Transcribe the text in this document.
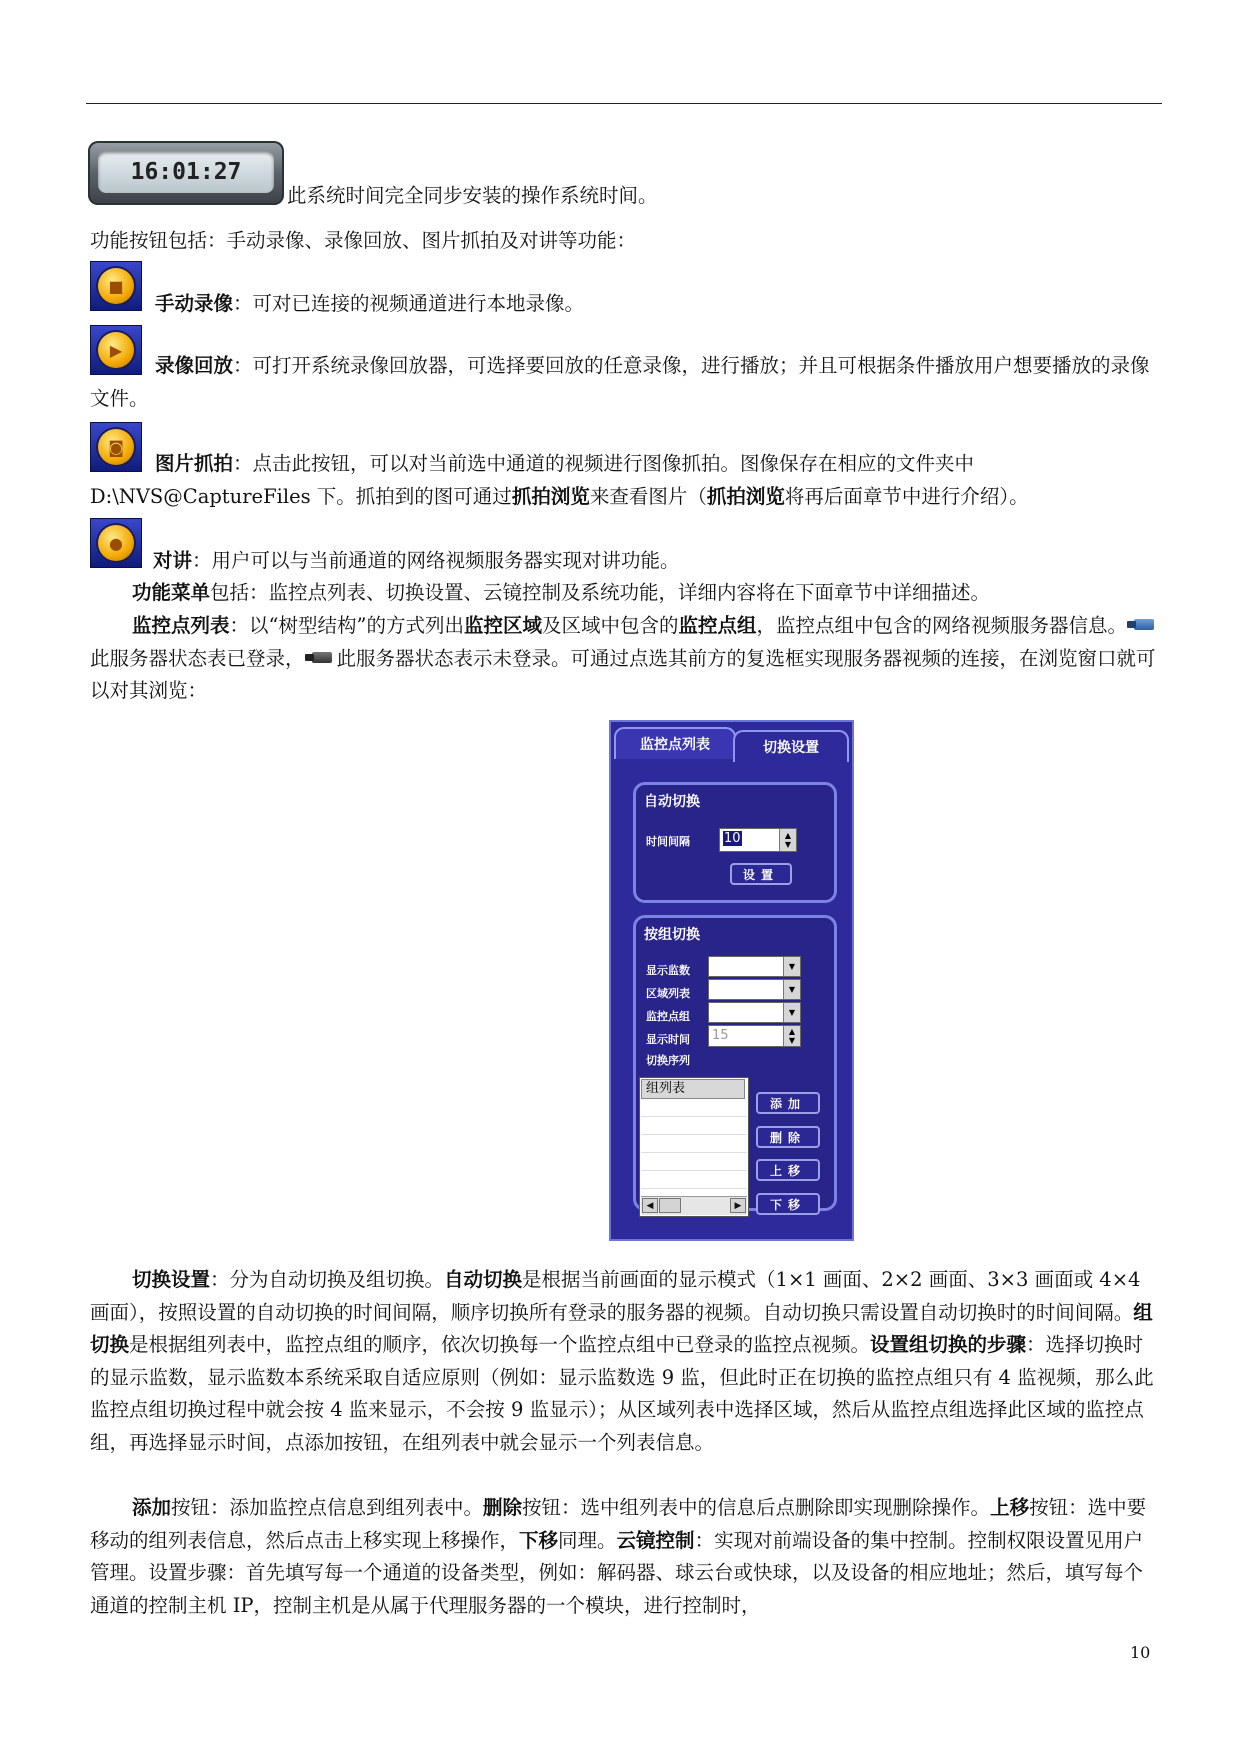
16:01:27

此系统时间完全同步安装的操作系统时间。

功能按钮包括：手动录像、录像回放、图片抓拍及对讲等功能：

■

手动录像：可对已连接的视频通道进行本地录像。

▶

录像回放：可打开系统录像回放器，可选择要回放的任意录像，进行播放；并且可根据条件播放用户想要播放的录像文件。

◙

图片抓拍：点击此按钮，可以对当前选中通道的视频进行图像抓拍。图像保存在相应的文件夹中D:\NVS@CaptureFiles 下。抓拍到的图可通过抓拍浏览来查看图片（抓拍浏览将再后面章节中进行介绍）。

●

对讲：用户可以与当前通道的网络视频服务器实现对讲功能。

功能菜单包括：监控点列表、切换设置、云镜控制及系统功能，详细内容将在下面章节中详细描述。

监控点列表：以“树型结构”的方式列出监控区域及区域中包含的监控点组，监控点组中包含的网络视频服务器信息。
此服务器状态表已登录， 此服务器状态表示未登录。可通过点选其前方的复选框实现服务器视频的连接，在浏览窗口就可以对其浏览：

监控点列表	切换设置
自动切换
时间间隔	10	▲
▼
设置
按组切换
显示监数	▼
区域列表	▼
监控点组	▼
显示时间	15	▲
▼
切换序列
组列表
◀	▶
添加
删除
上移
下移

切换设置：分为自动切换及组切换。自动切换是根据当前画面的显示模式（1×1 画面、2×2 画面、3×3 画面或 4×4 画面），按照设置的自动切换的时间间隔，顺序切换所有登录的服务器的视频。自动切换只需设置自动切换时的时间间隔。组切换是根据组列表中，监控点组的顺序，依次切换每一个监控点组中已登录的监控点视频。设置组切换的步骤：选择切换时的显示监数，显示监数本系统采取自适应原则（例如：显示监数选 9 监，但此时正在切换的监控点组只有 4 监视频，那么此监控点组切换过程中就会按 4 监来显示，不会按 9 监显示）；从区域列表中选择区域，然后从监控点组选择此区域的监控点组，再选择显示时间，点添加按钮，在组列表中就会显示一个列表信息。

添加按钮：添加监控点信息到组列表中。删除按钮：选中组列表中的信息后点删除即实现删除操作。上移按钮：选中要移动的组列表信息，然后点击上移实现上移操作，下移同理。云镜控制：实现对前端设备的集中控制。控制权限设置见用户管理。设置步骤：首先填写每一个通道的设备类型，例如：解码器、球云台或快球，以及设备的相应地址；然后，填写每个通道的控制主机 IP，控制主机是从属于代理服务器的一个模块，进行控制时，

10
